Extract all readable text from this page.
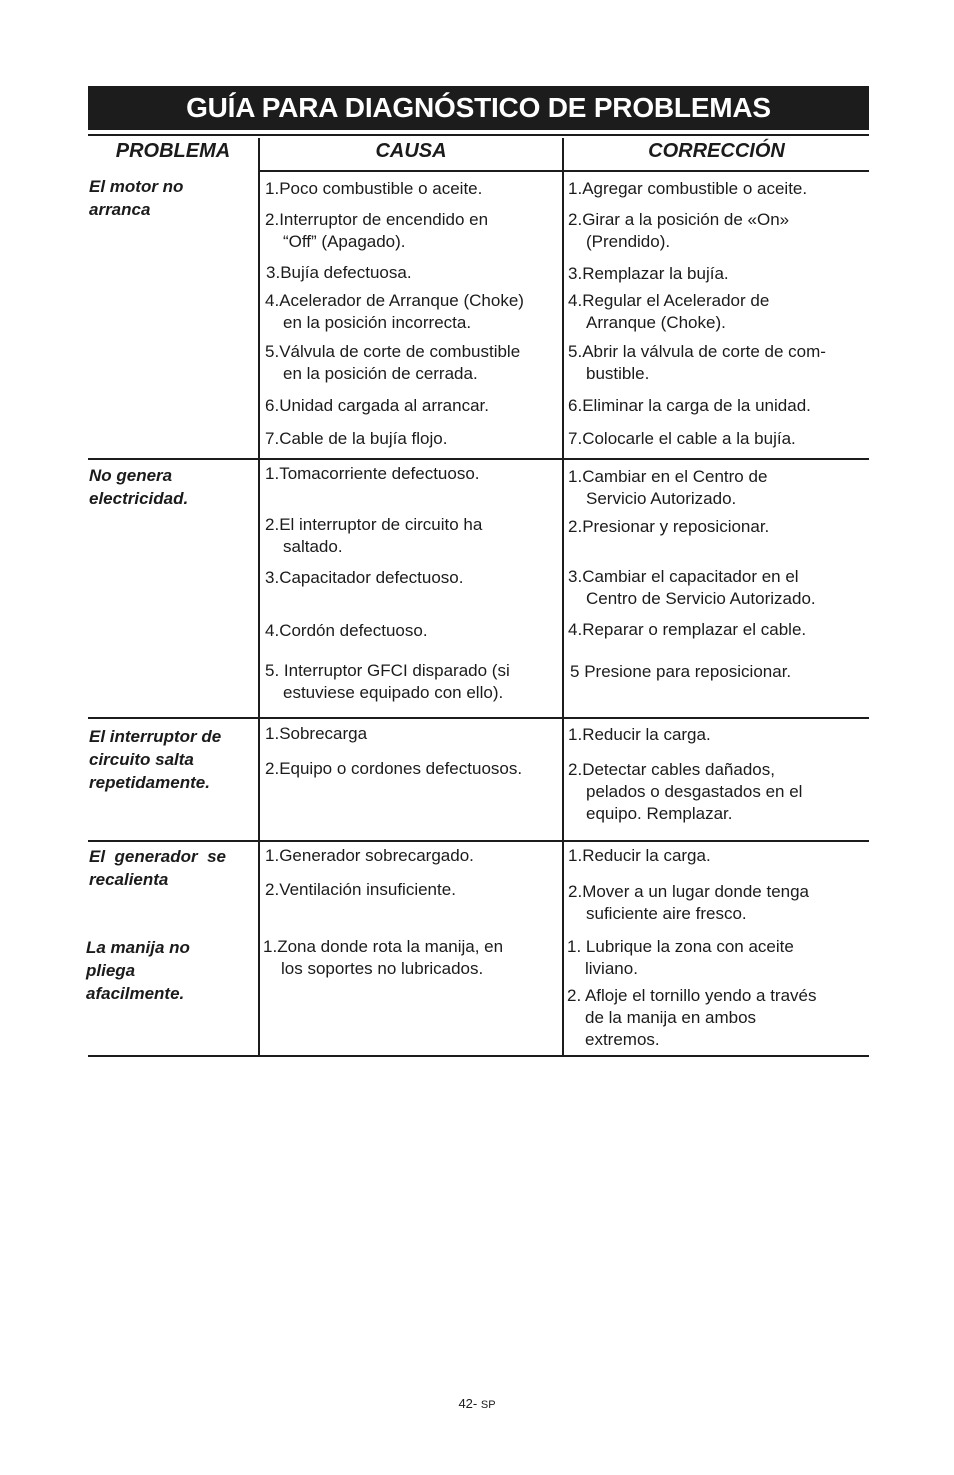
GUÍA PARA DIAGNÓSTICO DE PROBLEMAS
PROBLEMA	CAUSA	CORRECCIÓN
El motor no
arranca
1.Poco combustible o aceite.
2.Interruptor de encendido en
“Off” (Apagado).
3.Bujía defectuosa.
4.Acelerador de Arranque (Choke)
en la posición incorrecta.
5.Válvula de corte de combustible
en la posición de cerrada.
6.Unidad cargada al arrancar.
7.Cable de la bujía flojo.
1.Agregar combustible o aceite.
2.Girar a la posición de «On»
(Prendido).
3.Remplazar la bujía.
4.Regular el Acelerador de
Arranque (Choke).
5.Abrir la válvula de corte de com-
bustible.
6.Eliminar la carga de la unidad.
7.Colocarle el cable a la bujía.
No genera
electricidad.
1.Tomacorriente defectuoso.
2.El interruptor de circuito ha
saltado.
3.Capacitador defectuoso.
4.Cordón defectuoso.
5. Interruptor GFCI disparado (si
estuviese equipado con ello).
1.Cambiar en el Centro de
Servicio Autorizado.
2.Presionar y reposicionar.
3.Cambiar el capacitador en el
Centro de Servicio Autorizado.
4.Reparar o remplazar el cable.
5 Presione para reposicionar.
El interruptor de
circuito salta
repetidamente.
1.Sobrecarga
2.Equipo o cordones defectuosos.
1.Reducir la carga.
2.Detectar cables dañados,
pelados o desgastados en el
equipo. Remplazar.
El  generador  se
recalienta
1.Generador sobrecargado.
2.Ventilación insuficiente.
1.Reducir la carga.
2.Mover a un lugar donde tenga
suficiente aire fresco.
La manija no
pliega
afacilmente.
1.Zona donde rota la manija, en
los soportes no lubricados.
1. Lubrique la zona con aceite
liviano.
2. Afloje el tornillo yendo a través
de la manija en ambos
extremos.
42- SP
